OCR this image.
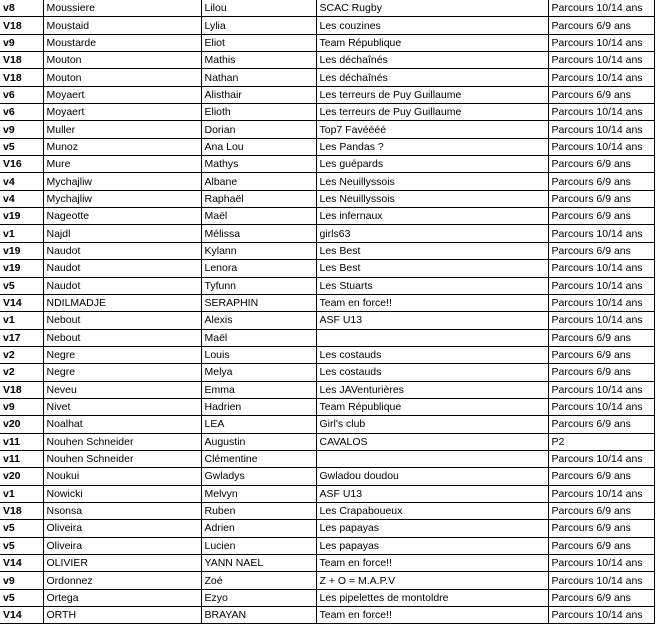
v8	Moussiere	Lilou	SCAC Rugby	Parcours 10/14 ans
V18	Moustaid	Lylia	Les couzines	Parcours 6/9 ans
v9	Moustarde	Eliot	Team République	Parcours 10/14 ans
V18	Mouton	Mathis	Les déchaînés	Parcours 10/14 ans
V18	Mouton	Nathan	Les déchaînés	Parcours 10/14 ans
v6	Moyaert	Alisthair	Les terreurs de Puy Guillaume	Parcours 6/9 ans
v6	Moyaert	Elioth	Les terreurs de Puy Guillaume	Parcours 10/14 ans
v9	Muller	Dorian	Top7 Favéééé	Parcours 10/14 ans
v5	Munoz	Ana Lou	Les Pandas ?	Parcours 10/14 ans
V16	Mure	Mathys	Les guépards	Parcours 6/9 ans
v4	Mychajliw	Albane	Les Neuillyssois	Parcours 6/9 ans
v4	Mychajliw	Raphaël	Les Neuillyssois	Parcours 6/9 ans
v19	Nageotte	Maël	Les infernaux	Parcours 6/9 ans
v1	Najdl	Mélissa	girls63	Parcours 10/14 ans
v19	Naudot	Kylann	Les Best	Parcours 6/9 ans
v19	Naudot	Lenora	Les Best	Parcours 10/14 ans
v5	Naudot	Tyfunn	Les Stuarts	Parcours 10/14 ans
V14	NDILMADJE	SERAPHIN	Team en force!!	Parcours 10/14 ans
v1	Nebout	Alexis	ASF U13	Parcours 10/14 ans
v17	Nebout	Maël		Parcours 6/9 ans
v2	Negre	Louis	Les costauds	Parcours 6/9 ans
v2	Negre	Melya	Les costauds	Parcours 6/9 ans
V18	Neveu	Emma	Les JAVenturières	Parcours 10/14 ans
v9	Nivet	Hadrien	Team République	Parcours 10/14 ans
v20	Noalhat	LEA	Girl's club	Parcours 6/9 ans
v11	Nouhen Schneider	Augustin	CAVALOS	P2
v11	Nouhen Schneider	Clémentine		Parcours 10/14 ans
v20	Noukui	Gwladys	Gwladou doudou	Parcours 6/9 ans
v1	Nowicki	Melvyn	ASF U13	Parcours 10/14 ans
V18	Nsonsa	Ruben	Les Crapaboueux	Parcours 6/9 ans
v5	Oliveira	Adrien	Les papayas	Parcours 6/9 ans
v5	Oliveira	Lucien	Les papayas	Parcours 6/9 ans
V14	OLIVIER	YANN NAEL	Team en force!!	Parcours 10/14 ans
v9	Ordonnez	Zoé	Z + O = M.A.P.V	Parcours 10/14 ans
v5	Ortega	Ezyo	Les pipelettes de montoldre	Parcours 6/9 ans
V14	ORTH	BRAYAN	Team en force!!	Parcours 10/14 ans
